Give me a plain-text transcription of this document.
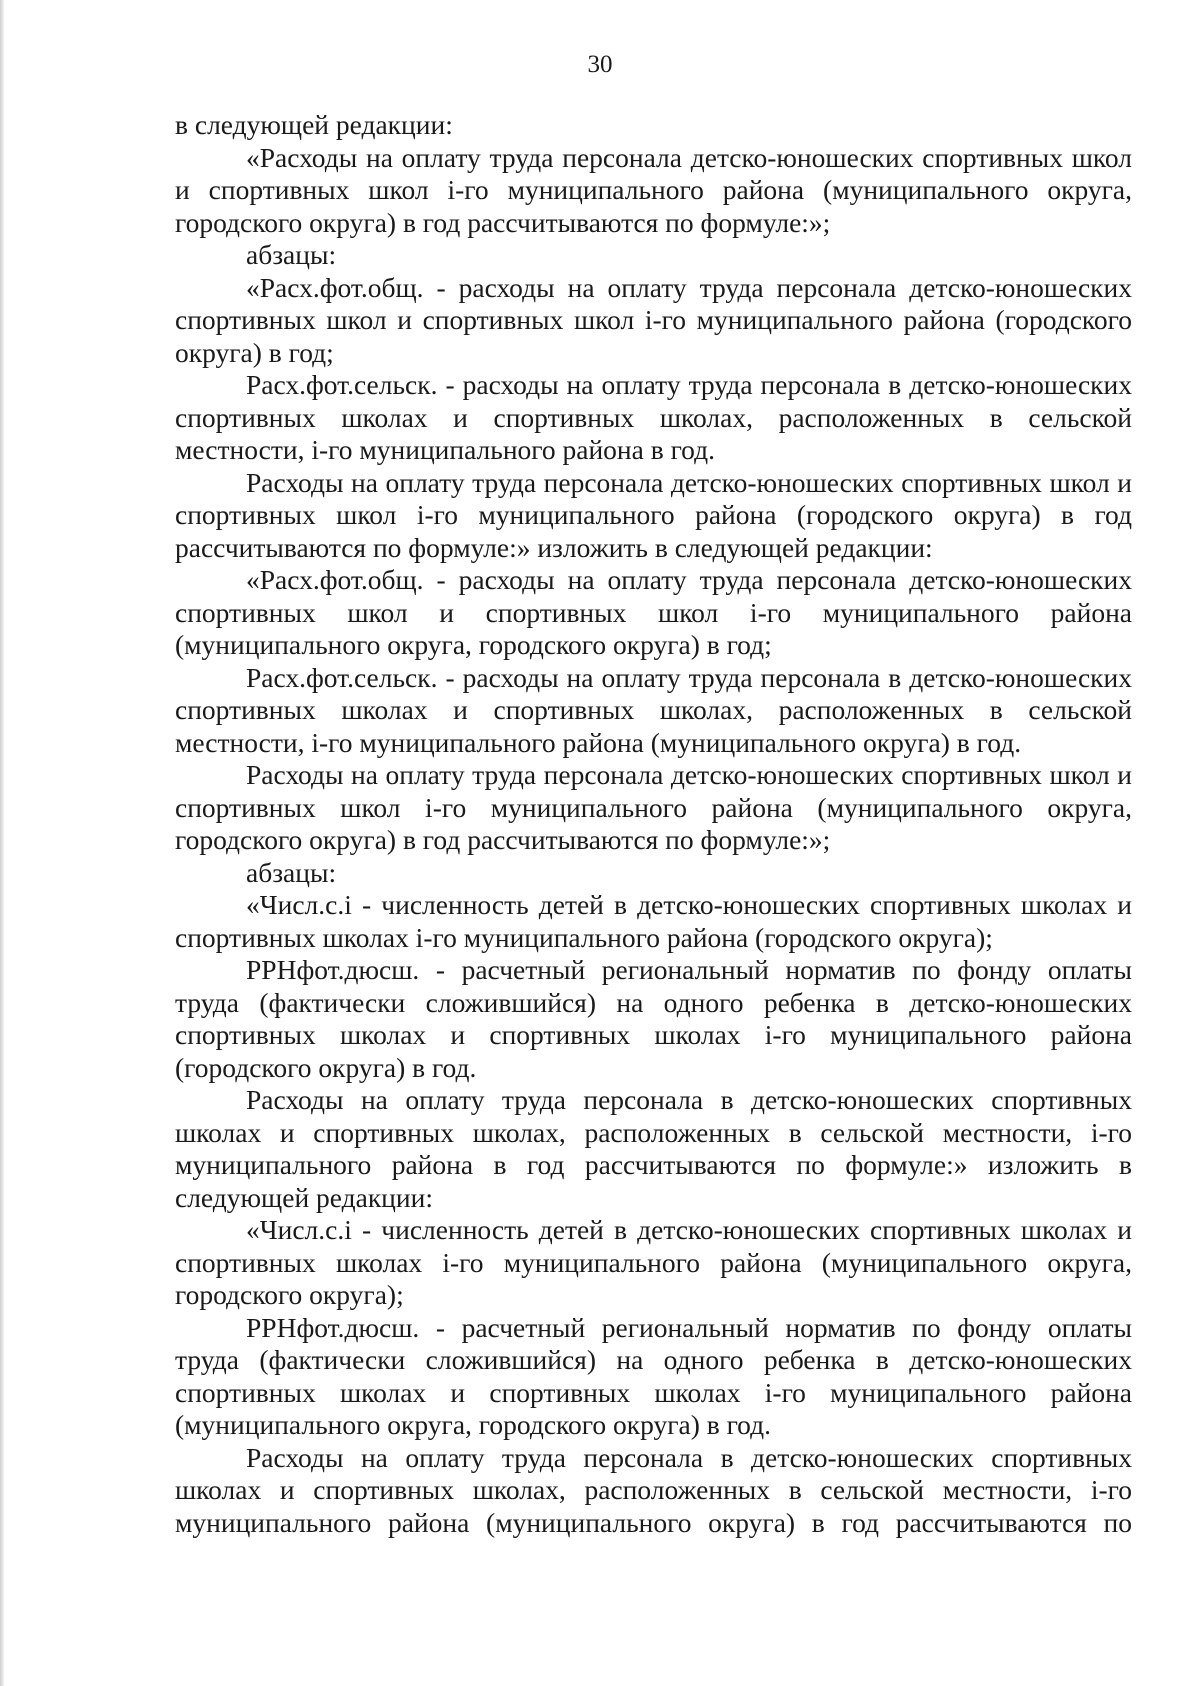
30

в следующей редакции:

«Расходы на оплату труда персонала детско-юношеских спортивных школ и спортивных школ i-го муниципального района (муниципального округа, городского округа) в год рассчитываются по формуле:»;

абзацы:

«Расх.фот.общ. - расходы на оплату труда персонала детско-юношеских спортивных школ и спортивных школ i-го муниципального района (городского округа) в год;

Расх.фот.сельск. - расходы на оплату труда персонала в детско-юношеских спортивных школах и спортивных школах, расположенных в сельской местности, i-го муниципального района в год.

Расходы на оплату труда персонала детско-юношеских спортивных школ и спортивных школ i-го муниципального района (городского округа) в год рассчитываются по формуле:» изложить в следующей редакции:

«Расх.фот.общ. - расходы на оплату труда персонала детско-юношеских спортивных школ и спортивных школ i-го муниципального района (муниципального округа, городского округа) в год;

Расх.фот.сельск. - расходы на оплату труда персонала в детско-юношеских спортивных школах и спортивных школах, расположенных в сельской местности, i-го муниципального района (муниципального округа) в год.

Расходы на оплату труда персонала детско-юношеских спортивных школ и спортивных школ i-го муниципального района (муниципального округа, городского округа) в год рассчитываются по формуле:»;

абзацы:

«Числ.с.i - численность детей в детско-юношеских спортивных школах и спортивных школах i-го муниципального района (городского округа);

РРНфот.дюсш. - расчетный региональный норматив по фонду оплаты труда (фактически сложившийся) на одного ребенка в детско-юношеских спортивных школах и спортивных школах i-го муниципального района (городского округа) в год.

Расходы на оплату труда персонала в детско-юношеских спортивных школах и спортивных школах, расположенных в сельской местности, i-го муниципального района в год рассчитываются по формуле:» изложить в следующей редакции:

«Числ.с.i - численность детей в детско-юношеских спортивных школах и спортивных школах i-го муниципального района (муниципального округа, городского округа);

РРНфот.дюсш. - расчетный региональный норматив по фонду оплаты труда (фактически сложившийся) на одного ребенка в детско-юношеских спортивных школах и спортивных школах i-го муниципального района (муниципального округа, городского округа) в год.

Расходы на оплату труда персонала в детско-юношеских спортивных школах и спортивных школах, расположенных в сельской местности, i-го муниципального района (муниципального округа) в год рассчитываются по
